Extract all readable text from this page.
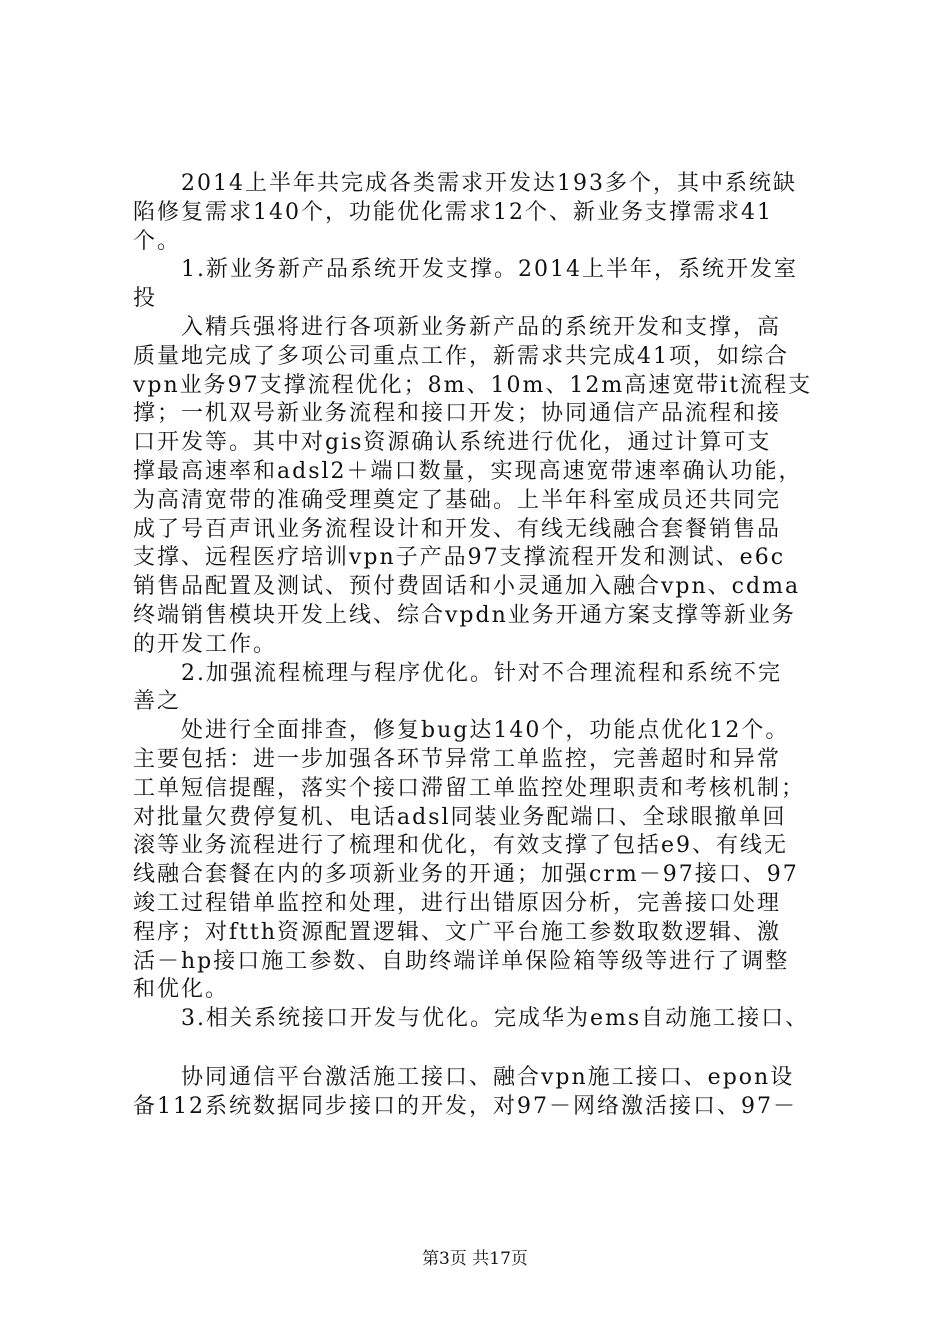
　　2014上半年共完成各类需求开发达193多个，其中系统缺
陷修复需求140个，功能优化需求12个、新业务支撑需求41
个。
　　1.新业务新产品系统开发支撑。2014上半年，系统开发室
投
　　入精兵强将进行各项新业务新产品的系统开发和支撑，高
质量地完成了多项公司重点工作，新需求共完成41项，如综合
vpn业务97支撑流程优化；8m、10m、12m高速宽带it流程支
撑；一机双号新业务流程和接口开发；协同通信产品流程和接
口开发等。其中对gis资源确认系统进行优化，通过计算可支
撑最高速率和adsl2＋端口数量，实现高速宽带速率确认功能，
为高清宽带的准确受理奠定了基础。上半年科室成员还共同完
成了号百声讯业务流程设计和开发、有线无线融合套餐销售品
支撑、远程医疗培训vpn子产品97支撑流程开发和测试、e6c
销售品配置及测试、预付费固话和小灵通加入融合vpn、cdma
终端销售模块开发上线、综合vpdn业务开通方案支撑等新业务
的开发工作。
　　2.加强流程梳理与程序优化。针对不合理流程和系统不完
善之
　　处进行全面排查，修复bug达140个，功能点优化12个。
主要包括：进一步加强各环节异常工单监控，完善超时和异常
工单短信提醒，落实个接口滞留工单监控处理职责和考核机制；
对批量欠费停复机、电话adsl同装业务配端口、全球眼撤单回
滚等业务流程进行了梳理和优化，有效支撑了包括e9、有线无
线融合套餐在内的多项新业务的开通；加强crm－97接口、97
竣工过程错单监控和处理，进行出错原因分析，完善接口处理
程序；对ftth资源配置逻辑、文广平台施工参数取数逻辑、激
活－hp接口施工参数、自助终端详单保险箱等级等进行了调整
和优化。
　　3.相关系统接口开发与优化。完成华为ems自动施工接口、
　　协同通信平台激活施工接口、融合vpn施工接口、epon设
备112系统数据同步接口的开发，对97－网络激活接口、97－
第3页 共17页
